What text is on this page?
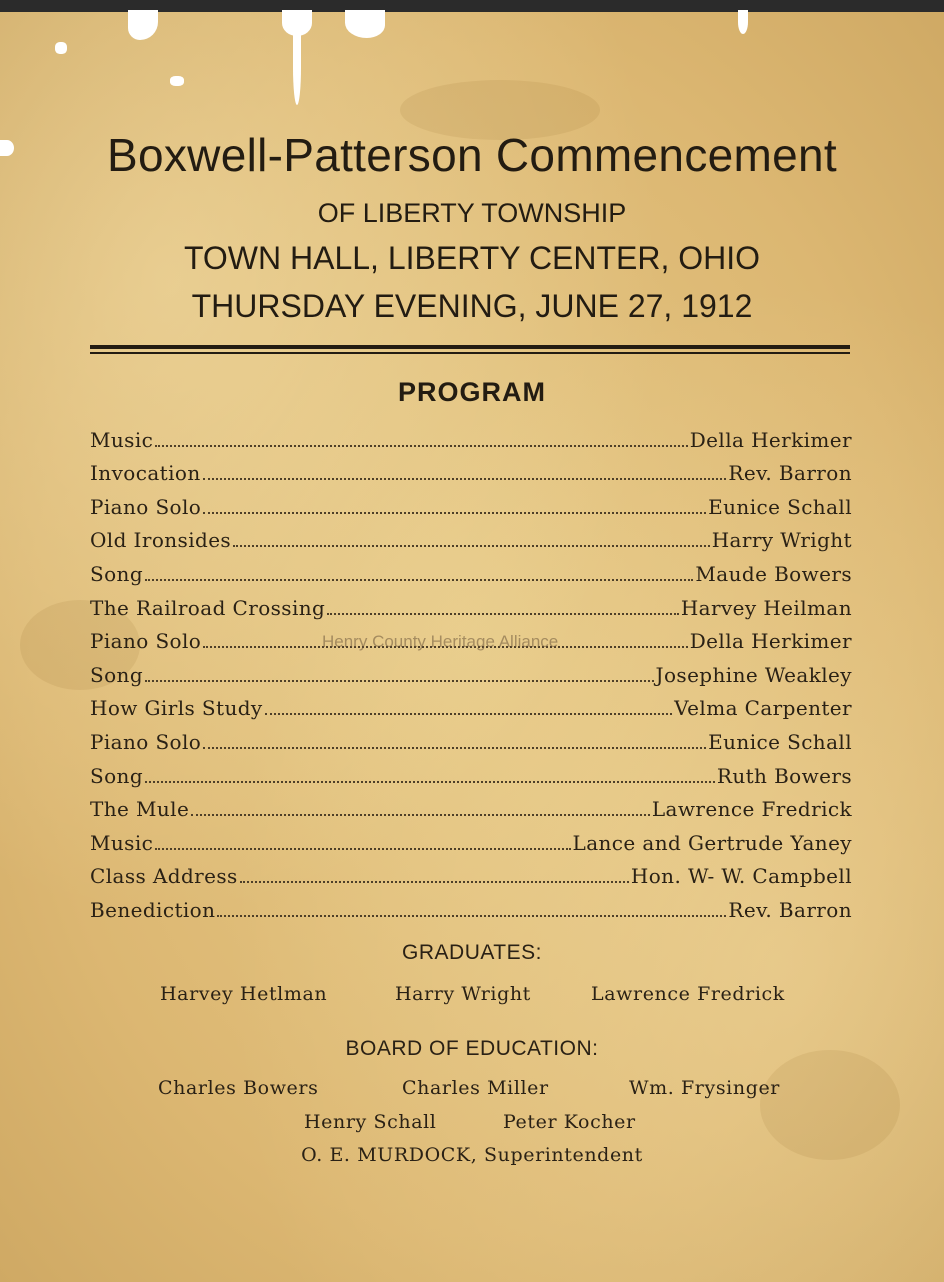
Boxwell-Patterson Commencement
OF LIBERTY TOWNSHIP
TOWN HALL, LIBERTY CENTER, OHIO
THURSDAY EVENING, JUNE 27, 1912
PROGRAM
Music	Della Herkimer
Invocation	Rev. Barron
Piano Solo	Eunice Schall
Old Ironsides	Harry Wright
Song	Maude Bowers
The Railroad Crossing	Harvey Heilman
Piano Solo	Della Herkimer
Song	Josephine Weakley
How Girls Study	Velma Carpenter
Piano Solo	Eunice Schall
Song	Ruth Bowers
The Mule	Lawrence Fredrick
Music	Lance and Gertrude Yaney
Class Address	Hon. W- W. Campbell
Benediction	Rev. Barron
Henry County Heritage Alliance
GRADUATES:
Harvey Hetlman	Harry Wright	Lawrence Fredrick
BOARD OF EDUCATION:
Charles Bowers	Charles Miller	Wm. Frysinger
Henry Schall	Peter Kocher
O. E. MURDOCK, Superintendent
